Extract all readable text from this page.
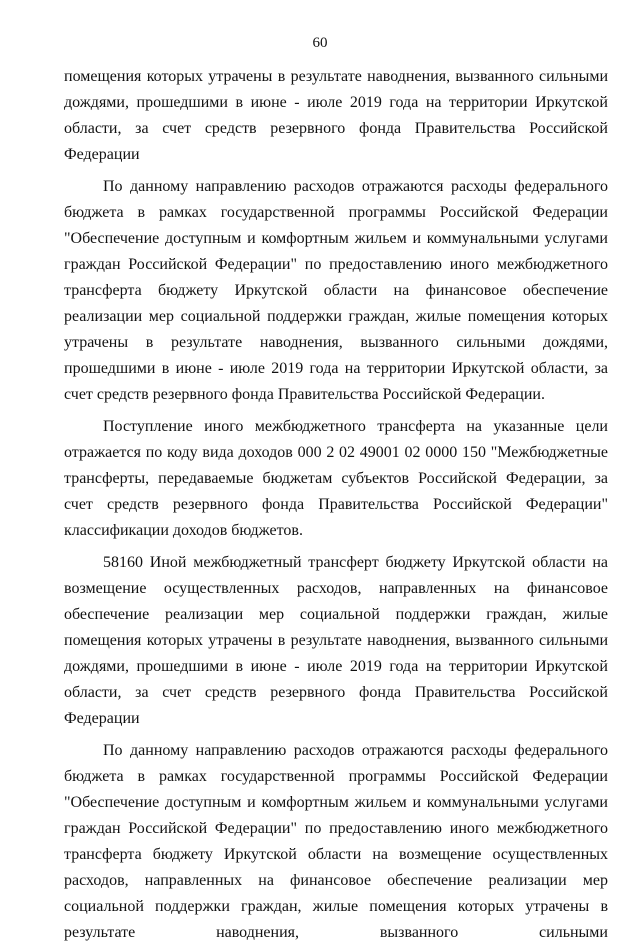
60

помещения которых утрачены в результате наводнения, вызванного сильными дождями, прошедшими в июне - июле 2019 года на территории Иркутской области, за счет средств резервного фонда Правительства Российской Федерации

По данному направлению расходов отражаются расходы федерального бюджета в рамках государственной программы Российской Федерации "Обеспечение доступным и комфортным жильем и коммунальными услугами граждан Российской Федерации" по предоставлению иного межбюджетного трансферта бюджету Иркутской области на финансовое обеспечение реализации мер социальной поддержки граждан, жилые помещения которых утрачены в результате наводнения, вызванного сильными дождями, прошедшими в июне - июле 2019 года на территории Иркутской области, за счет средств резервного фонда Правительства Российской Федерации.

Поступление иного межбюджетного трансферта на указанные цели отражается по коду вида доходов 000 2 02 49001 02 0000 150 "Межбюджетные трансферты, передаваемые бюджетам субъектов Российской Федерации, за счет средств резервного фонда Правительства Российской Федерации" классификации доходов бюджетов.

58160 Иной межбюджетный трансферт бюджету Иркутской области на возмещение осуществленных расходов, направленных на финансовое обеспечение реализации мер социальной поддержки граждан, жилые помещения которых утрачены в результате наводнения, вызванного сильными дождями, прошедшими в июне - июле 2019 года на территории Иркутской области, за счет средств резервного фонда Правительства Российской Федерации

По данному направлению расходов отражаются расходы федерального бюджета в рамках государственной программы Российской Федерации "Обеспечение доступным и комфортным жильем и коммунальными услугами граждан Российской Федерации" по предоставлению иного межбюджетного трансферта бюджету Иркутской области на возмещение осуществленных расходов, направленных на финансовое обеспечение реализации мер социальной поддержки граждан, жилые помещения которых утрачены в результате наводнения, вызванного сильными
